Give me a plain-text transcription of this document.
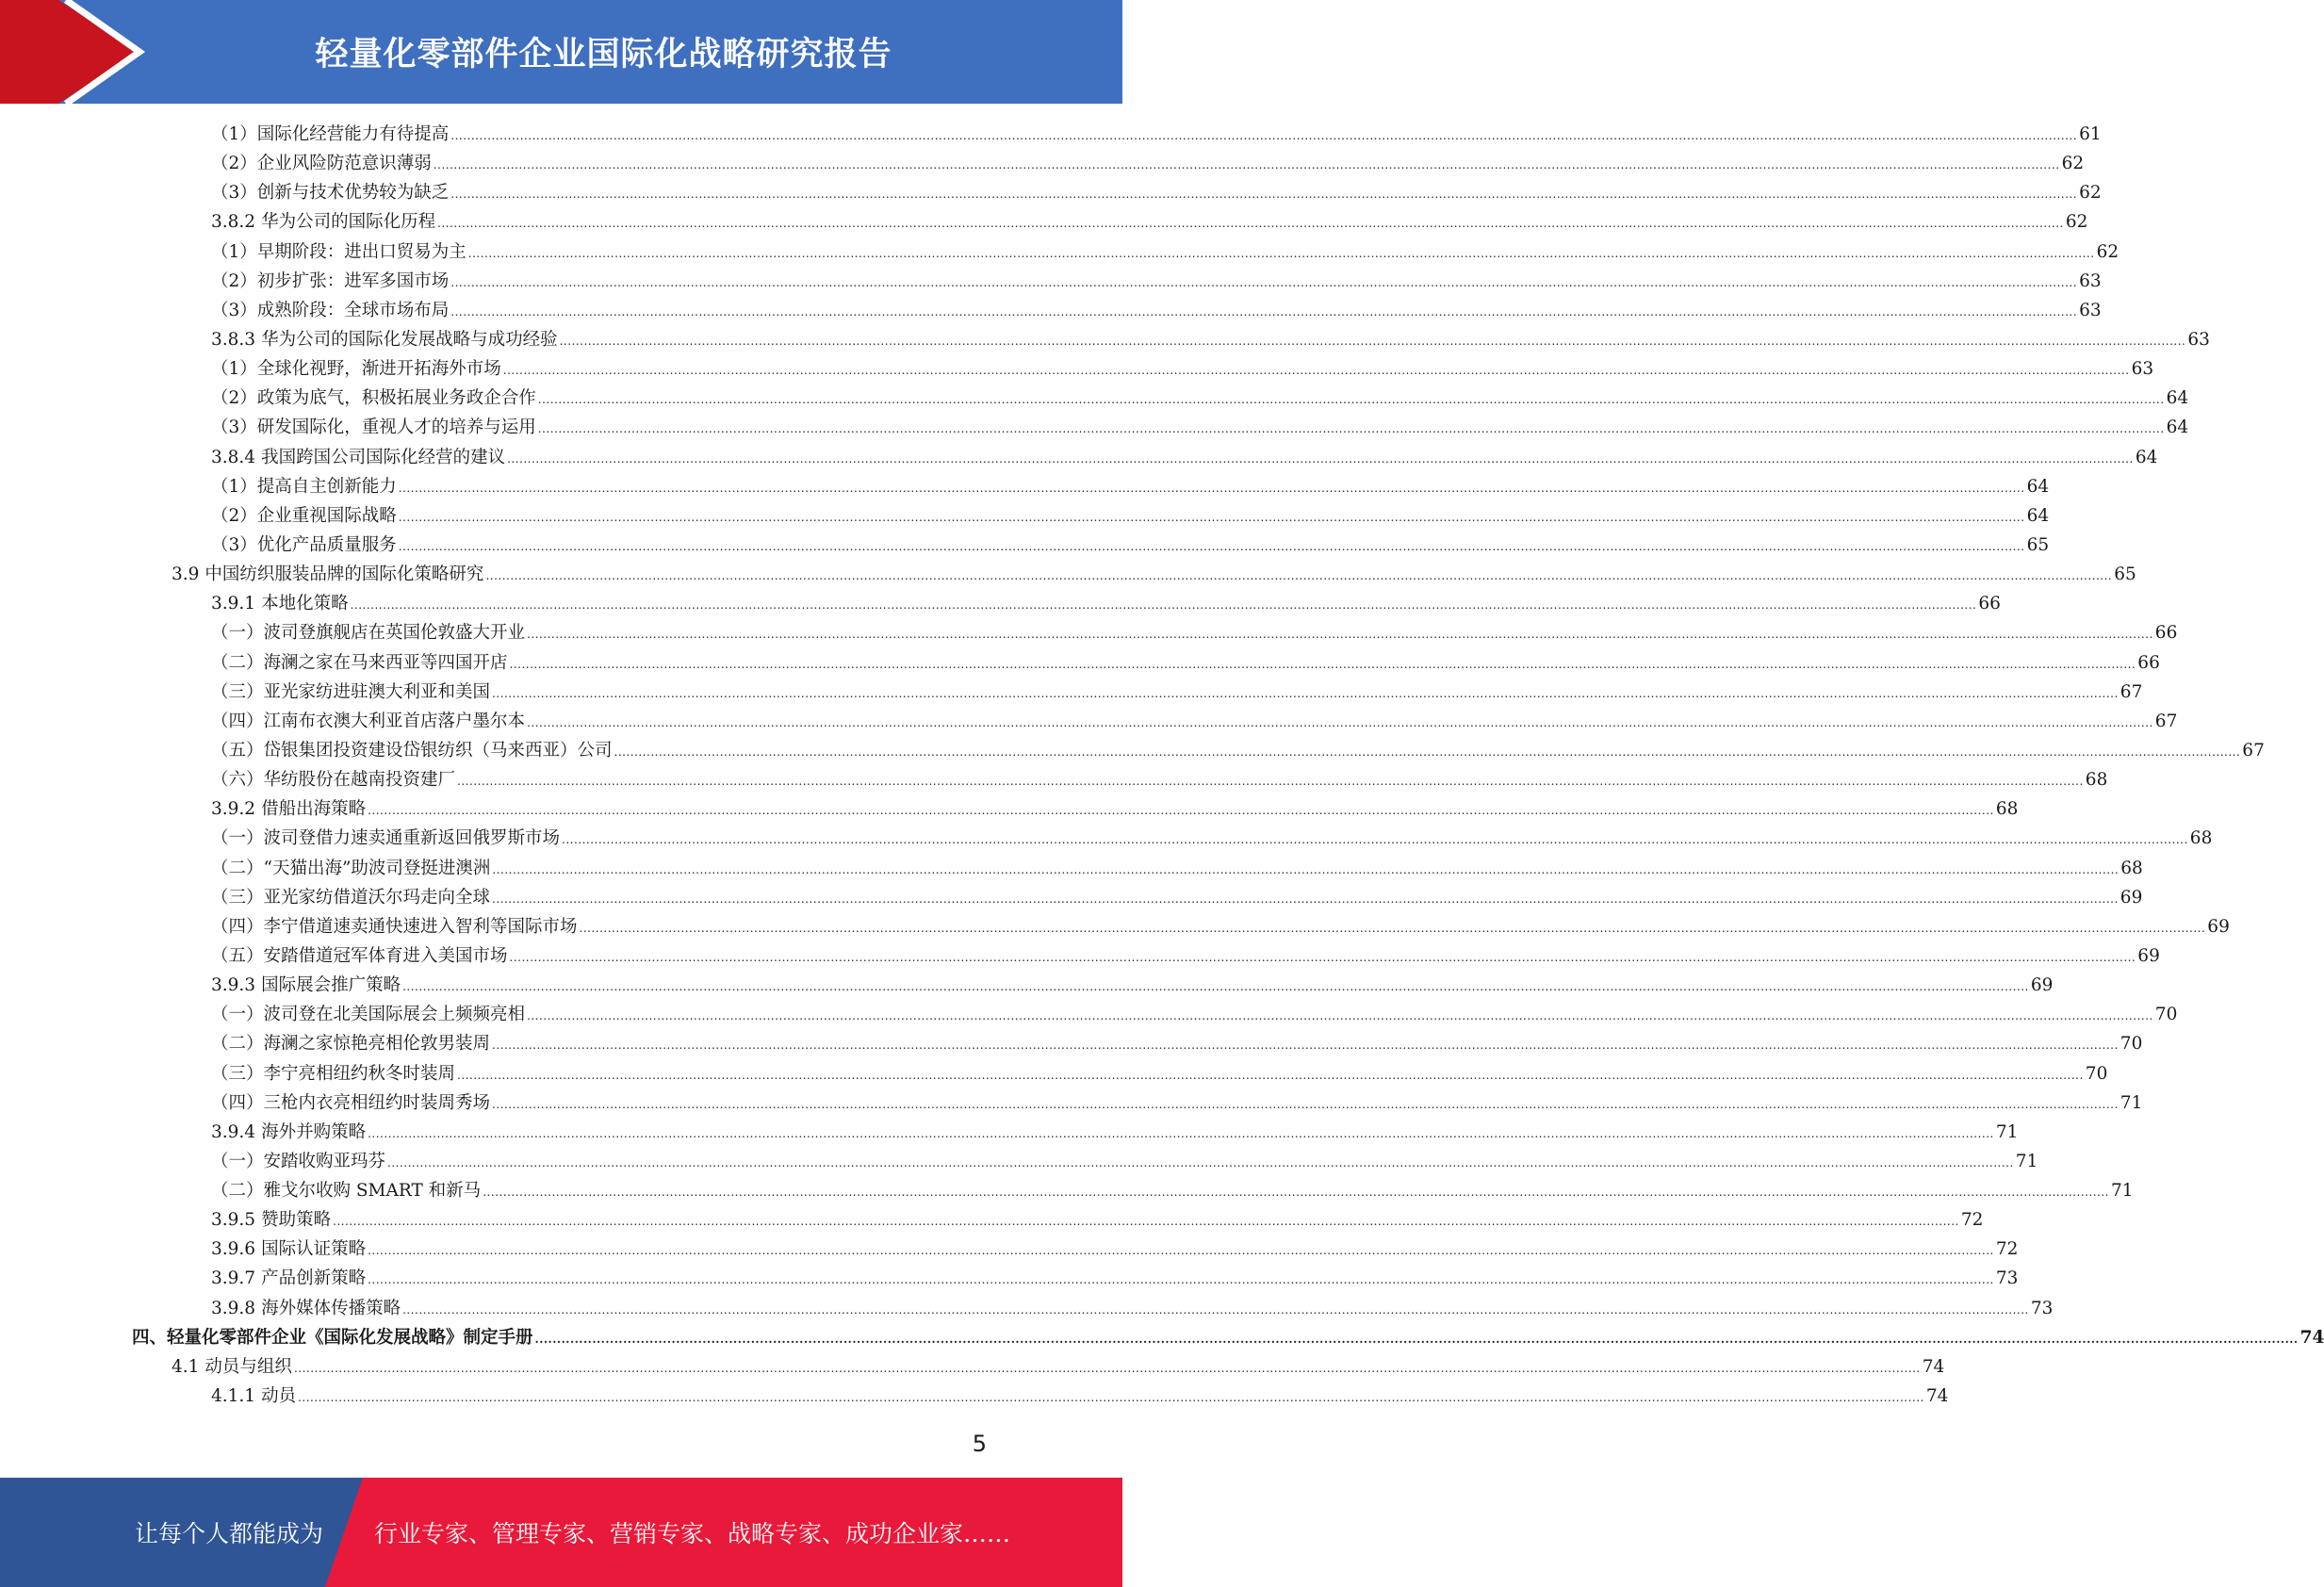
轻量化零部件企业国际化战略研究报告
（1）国际化经营能力有待提高 ................................................................................................................................................................................................................................................................................................................................................................................................................ 61
（2）企业风险防范意识薄弱 ................................................................................................................................................................................................................................................................................................................................................................................................................ 62
（3）创新与技术优势较为缺乏 ................................................................................................................................................................................................................................................................................................................................................................................................................ 62
3.8.2 华为公司的国际化历程 ................................................................................................................................................................................................................................................................................................................................................................................................................ 62
（1）早期阶段：进出口贸易为主 ................................................................................................................................................................................................................................................................................................................................................................................................................ 62
（2）初步扩张：进军多国市场 ................................................................................................................................................................................................................................................................................................................................................................................................................ 63
（3）成熟阶段：全球市场布局 ................................................................................................................................................................................................................................................................................................................................................................................................................ 63
3.8.3 华为公司的国际化发展战略与成功经验 ................................................................................................................................................................................................................................................................................................................................................................................................................ 63
（1）全球化视野，渐进开拓海外市场 ................................................................................................................................................................................................................................................................................................................................................................................................................ 63
（2）政策为底气，积极拓展业务政企合作 ................................................................................................................................................................................................................................................................................................................................................................................................................ 64
（3）研发国际化，重视人才的培养与运用 ................................................................................................................................................................................................................................................................................................................................................................................................................ 64
3.8.4 我国跨国公司国际化经营的建议 ................................................................................................................................................................................................................................................................................................................................................................................................................ 64
（1）提高自主创新能力 ................................................................................................................................................................................................................................................................................................................................................................................................................ 64
（2）企业重视国际战略 ................................................................................................................................................................................................................................................................................................................................................................................................................ 64
（3）优化产品质量服务 ................................................................................................................................................................................................................................................................................................................................................................................................................ 65
3.9 中国纺织服装品牌的国际化策略研究 ................................................................................................................................................................................................................................................................................................................................................................................................................ 65
3.9.1 本地化策略 ................................................................................................................................................................................................................................................................................................................................................................................................................ 66
（一）波司登旗舰店在英国伦敦盛大开业 ................................................................................................................................................................................................................................................................................................................................................................................................................ 66
（二）海澜之家在马来西亚等四国开店 ................................................................................................................................................................................................................................................................................................................................................................................................................ 66
（三）亚光家纺进驻澳大利亚和美国 ................................................................................................................................................................................................................................................................................................................................................................................................................ 67
（四）江南布衣澳大利亚首店落户墨尔本 ................................................................................................................................................................................................................................................................................................................................................................................................................ 67
（五）岱银集团投资建设岱银纺织（马来西亚）公司 ................................................................................................................................................................................................................................................................................................................................................................................................................ 67
（六）华纺股份在越南投资建厂 ................................................................................................................................................................................................................................................................................................................................................................................................................ 68
3.9.2 借船出海策略 ................................................................................................................................................................................................................................................................................................................................................................................................................ 68
（一）波司登借力速卖通重新返回俄罗斯市场 ................................................................................................................................................................................................................................................................................................................................................................................................................ 68
（二）“天猫出海”助波司登挺进澳洲 ................................................................................................................................................................................................................................................................................................................................................................................................................ 68
（三）亚光家纺借道沃尔玛走向全球 ................................................................................................................................................................................................................................................................................................................................................................................................................ 69
（四）李宁借道速卖通快速进入智利等国际市场 ................................................................................................................................................................................................................................................................................................................................................................................................................ 69
（五）安踏借道冠军体育进入美国市场 ................................................................................................................................................................................................................................................................................................................................................................................................................ 69
3.9.3 国际展会推广策略 ................................................................................................................................................................................................................................................................................................................................................................................................................ 69
（一）波司登在北美国际展会上频频亮相 ................................................................................................................................................................................................................................................................................................................................................................................................................ 70
（二）海澜之家惊艳亮相伦敦男装周 ................................................................................................................................................................................................................................................................................................................................................................................................................ 70
（三）李宁亮相纽约秋冬时装周 ................................................................................................................................................................................................................................................................................................................................................................................................................ 70
（四）三枪内衣亮相纽约时装周秀场 ................................................................................................................................................................................................................................................................................................................................................................................................................ 71
3.9.4 海外并购策略 ................................................................................................................................................................................................................................................................................................................................................................................................................ 71
（一）安踏收购亚玛芬 ................................................................................................................................................................................................................................................................................................................................................................................................................ 71
（二）雅戈尔收购 SMART 和新马 ................................................................................................................................................................................................................................................................................................................................................................................................................ 71
3.9.5 赞助策略 ................................................................................................................................................................................................................................................................................................................................................................................................................ 72
3.9.6 国际认证策略 ................................................................................................................................................................................................................................................................................................................................................................................................................ 72
3.9.7 产品创新策略 ................................................................................................................................................................................................................................................................................................................................................................................................................ 73
3.9.8 海外媒体传播策略 ................................................................................................................................................................................................................................................................................................................................................................................................................ 73
四、轻量化零部件企业《国际化发展战略》制定手册 ................................................................................................................................................................................................................................................................................................................................................................................................................ 74
4.1 动员与组织 ................................................................................................................................................................................................................................................................................................................................................................................................................ 74
4.1.1 动员 ................................................................................................................................................................................................................................................................................................................................................................................................................ 74
5
让每个人都能成为 行业专家、管理专家、营销专家、战略专家、成功企业家……
